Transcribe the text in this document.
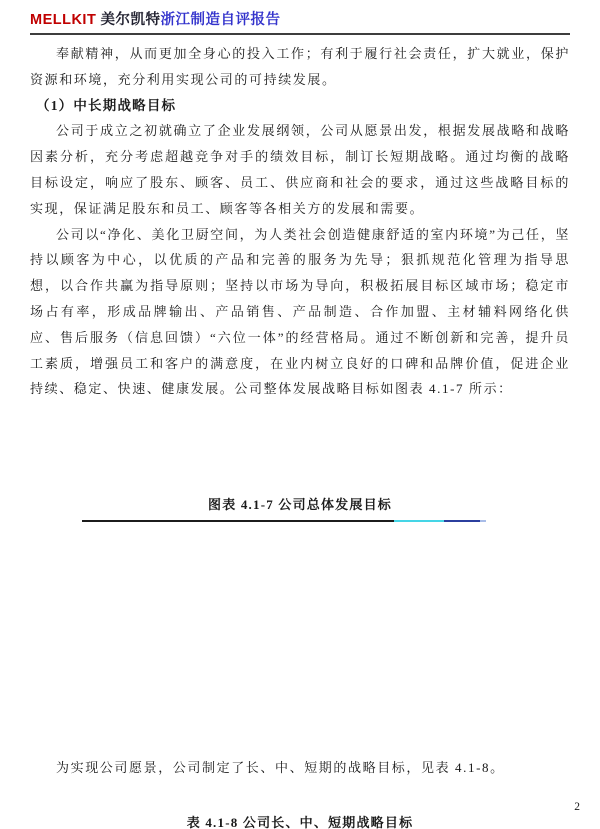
MELLKIT 美尔凯特浙江制造自评报告

奉献精神，从而更加全身心的投入工作；有利于履行社会责任，扩大就业，保护资源和环境，充分利用实现公司的可持续发展。

（1）中长期战略目标

公司于成立之初就确立了企业发展纲领，公司从愿景出发，根据发展战略和战略因素分析，充分考虑超越竞争对手的绩效目标，制订长短期战略。通过均衡的战略目标设定，响应了股东、顾客、员工、供应商和社会的要求，通过这些战略目标的实现，保证满足股东和员工、顾客等各相关方的发展和需要。

公司以“净化、美化卫厨空间，为人类社会创造健康舒适的室内环境”为己任，坚持以顾客为中心，以优质的产品和完善的服务为先导；狠抓规范化管理为指导思想，以合作共赢为指导原则；坚持以市场为导向，积极拓展目标区域市场；稳定市场占有率，形成品牌输出、产品销售、产品制造、合作加盟、主材辅料网络化供应、售后服务（信息回馈）“六位一体”的经营格局。通过不断创新和完善，提升员工素质，增强员工和客户的满意度，在业内树立良好的口碑和品牌价值，促进企业持续、稳定、快速、健康发展。公司整体发展战略目标如图表 4.1-7 所示：

图表 4.1-7 公司总体发展目标

为实现公司愿景，公司制定了长、中、短期的战略目标，见表 4.1-8。

表 4.1-8 公司长、中、短期战略目标
2
